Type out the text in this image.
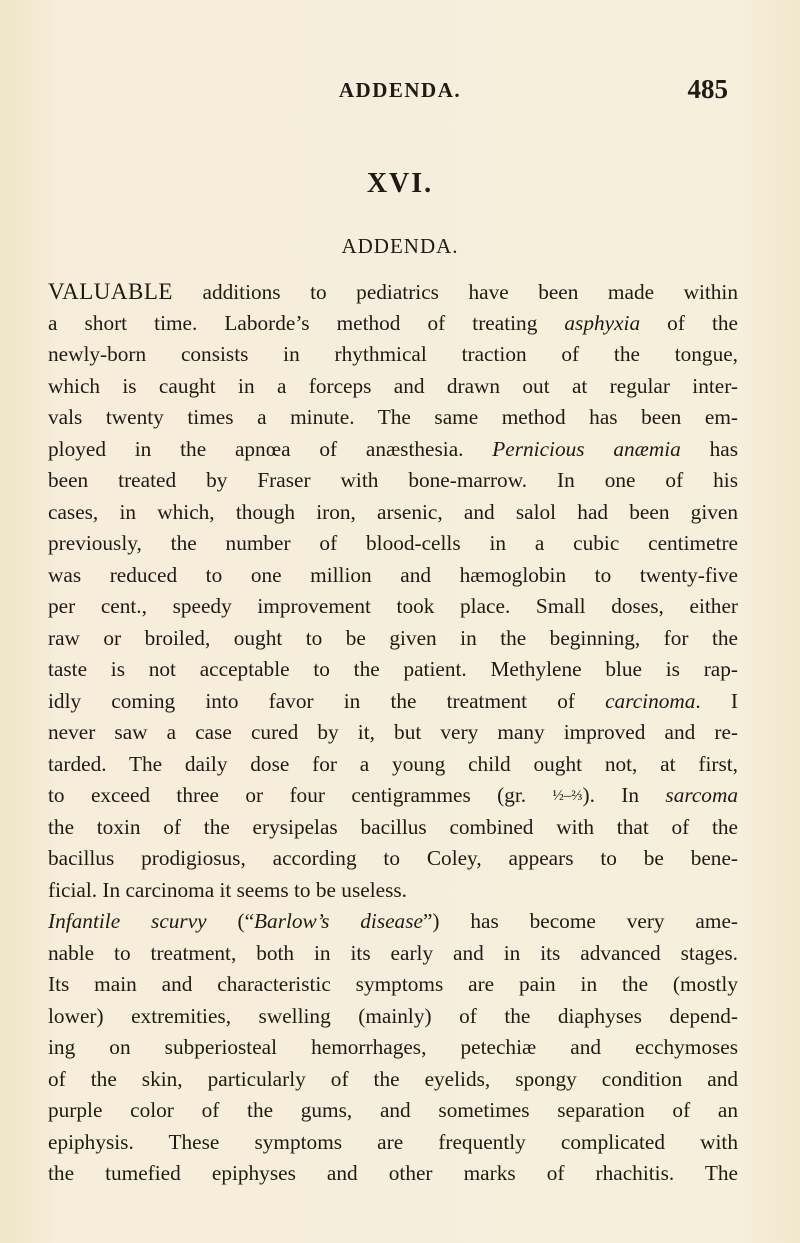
ADDENDA.	485
XVI.
ADDENDA.
VALUABLE additions to pediatrics have been made within
a short time. Laborde’s method of treating asphyxia of the
newly-born consists in rhythmical traction of the tongue,
which is caught in a forceps and drawn out at regular inter-
vals twenty times a minute. The same method has been em-
ployed in the apnœa of anæsthesia. Pernicious anæmia has
been treated by Fraser with bone-marrow. In one of his
cases, in which, though iron, arsenic, and salol had been given
previously, the number of blood-cells in a cubic centimetre
was reduced to one million and hæmoglobin to twenty-five
per cent., speedy improvement took place. Small doses, either
raw or broiled, ought to be given in the beginning, for the
taste is not acceptable to the patient. Methylene blue is rap-
idly coming into favor in the treatment of carcinoma. I
never saw a case cured by it, but very many improved and re-
tarded. The daily dose for a young child ought not, at first,
to exceed three or four centigrammes (gr. ½–⅔). In sarcoma
the toxin of the erysipelas bacillus combined with that of the
bacillus prodigiosus, according to Coley, appears to be bene-
ficial. In carcinoma it seems to be useless.
Infantile scurvy (“Barlow’s disease”) has become very ame-
nable to treatment, both in its early and in its advanced stages.
Its main and characteristic symptoms are pain in the (mostly
lower) extremities, swelling (mainly) of the diaphyses depend-
ing on subperiosteal hemorrhages, petechiæ and ecchymoses
of the skin, particularly of the eyelids, spongy condition and
purple color of the gums, and sometimes separation of an
epiphysis. These symptoms are frequently complicated with
the tumefied epiphyses and other marks of rhachitis. The
